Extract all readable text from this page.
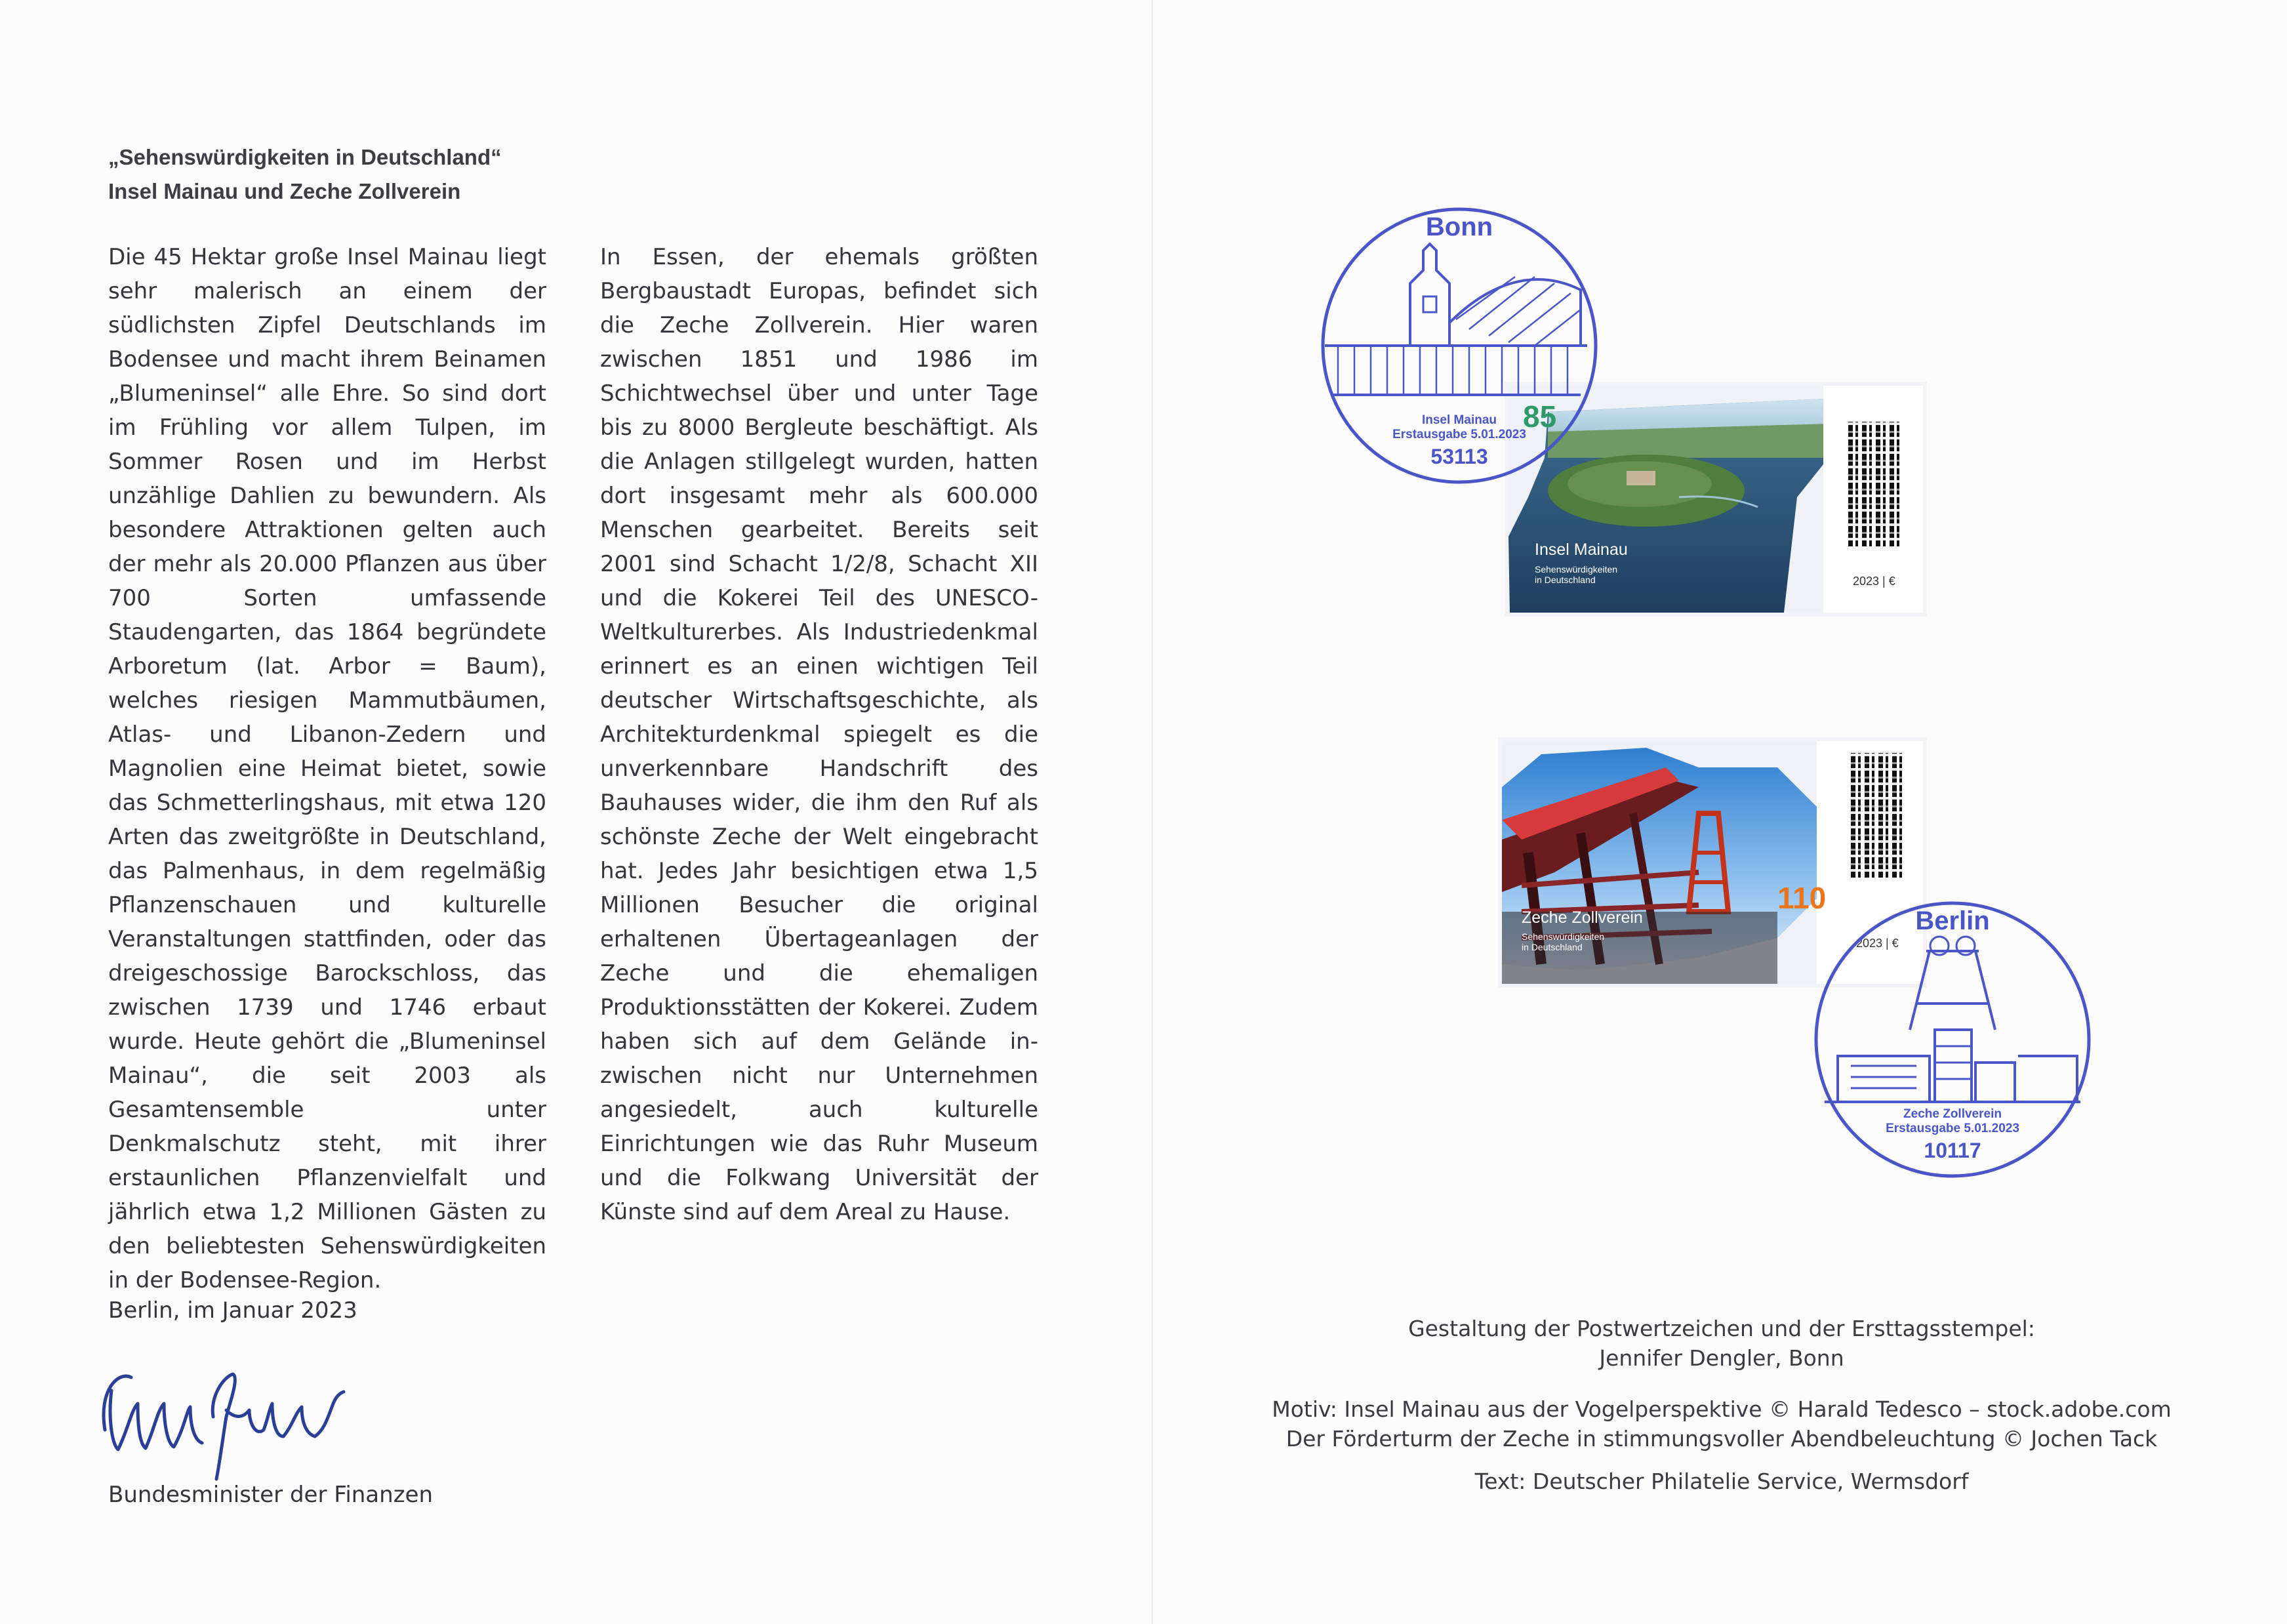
„Sehenswürdigkeiten in Deutschland“
Insel Mainau und Zeche Zollverein
Die 45 Hektar große Insel Mainau liegt sehr malerisch an einem der südlichsten Zipfel Deutschlands im Bodensee und macht ihrem Beinamen „Blumeninsel“ alle Ehre. So sind dort im Frühling vor allem Tulpen, im Sommer Rosen und im Herbst unzählige Dahlien zu bewundern. Als besondere Attraktionen gelten auch der mehr als 20.000 Pflanzen aus über 700 Sorten umfassende Staudengarten, das 1864 begründete Arboretum (lat. Arbor = Baum), welches riesigen Mammutbäumen, Atlas- und Libanon-Zedern und Magnolien eine Heimat bietet, sowie das Schmetterlingshaus, mit etwa 120 Arten das zweitgrößte in Deutschland, das Palmenhaus, in dem regelmäßig Pflanzenschauen und kulturelle Veranstaltungen stattfinden, oder das dreigeschossige Barockschloss, das zwischen 1739 und 1746 erbaut wurde. Heute gehört die „Blumeninsel Mainau“, die seit 2003 als Gesamtensemble unter Denkmalschutz steht, mit ihrer erstaunlichen Pflanzenvielfalt und jährlich etwa 1,2 Millionen Gästen zu den beliebtesten Sehenswürdigkeiten in der Bodensee-Region.
In Essen, der ehemals größten Bergbaustadt Europas, befindet sich die Zeche Zollverein. Hier waren zwischen 1851 und 1986 im Schichtwechsel über und unter Tage bis zu 8000 Bergleute beschäftigt. Als die Anlagen stillgelegt wurden, hatten dort insgesamt mehr als 600.000 Menschen gearbeitet. Bereits seit 2001 sind Schacht 1/2/8, Schacht XII und die Kokerei Teil des UNESCO-Weltkulturerbes. Als Industriedenkmal erinnert es an einen wichtigen Teil deutscher Wirtschaftsgeschichte, als Architekturdenkmal spiegelt es die unverkennbare Handschrift des Bauhauses wider, die ihm den Ruf als schönste Zeche der Welt eingebracht hat. Jedes Jahr besichtigen etwa 1,5 Millionen Besucher die original erhaltenen Übertageanlagen der Zeche und die ehemaligen Produktionsstätten der Kokerei. Zudem haben sich auf dem Gelände inzwischen nicht nur Unternehmen angesiedelt, auch kulturelle Einrichtungen wie das Ruhr Museum und die Folkwang Universität der Künste sind auf dem Areal zu Hause.
Berlin, im Januar 2023
Bundesminister der Finanzen
85
Insel Mainau
Sehenswürdigkeiten
in Deutschland	2023 | €
110
Zeche Zollverein
Sehenswürdigkeiten
in Deutschland	2023 | €
Bonn
Insel Mainau
Erstausgabe 5.01.2023
53113
Berlin
Zeche Zollverein
Erstausgabe 5.01.2023
10117

Gestaltung der Postwertzeichen und der Ersttagsstempel:

Jennifer Dengler, Bonn

Motiv: Insel Mainau aus der Vogelperspektive © Harald Tedesco – stock.adobe.com

Der Förderturm der Zeche in stimmungsvoller Abendbeleuchtung © Jochen Tack

Text: Deutscher Philatelie Service, Wermsdorf
